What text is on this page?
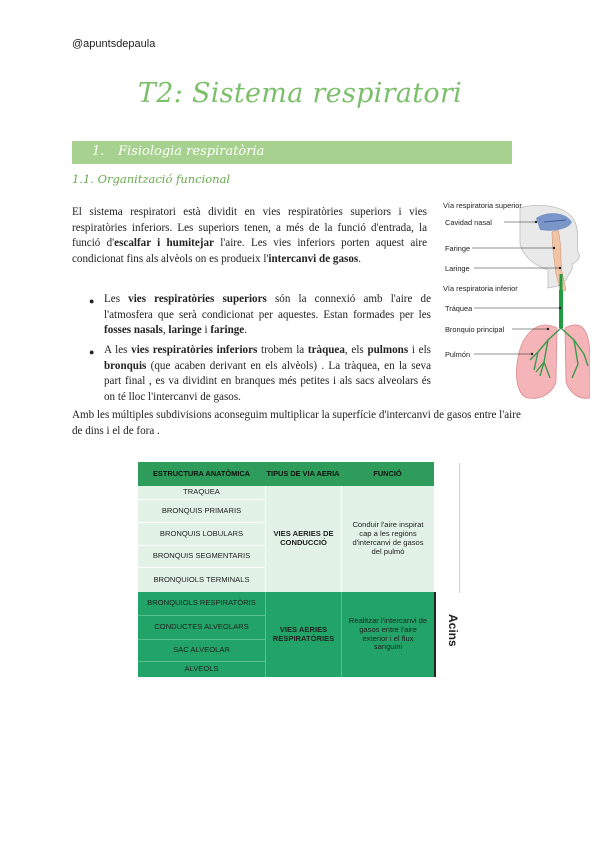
@apuntsdepaula
T2: Sistema respiratori
1. Fisiologia respiratòria
1.1. Organització funcional
El sistema respiratori està dividit en vies respiratòries superiors i vies respiratòries inferiors. Les superiors tenen, a més de la funció d'entrada, la funció d'escalfar i humitejar l'aire. Les vies inferiors porten aquest aire condicionat fins als alvèols on es produeix l'intercanvi de gasos.
● Les vies respiratòries superiors són la connexió amb l'aire de l'atmosfera que serà condicionat per aquestes. Estan formades per les fosses nasals, laringe i faringe.
● A les vies respiratòries inferiors trobem la tràquea, els pulmons i els bronquis (que acaben derivant en els alvèols) . La tràquea, en la seva part final , es va dividint en branques més petites i als sacs alveolars és on té lloc l'intercanvi de gasos.
Amb les múltiples subdivisions aconseguim multiplicar la superfície d'intercanvi de gasos entre l'aire de dins i el de fora .
Vía respiratoria superior
Cavidad nasal
Faringe
Laringe
Vía respiratoria inferior
Tráquea
Bronquio principal
Pulmón
ESTRUCTURA ANATÒMICA	TIPUS DE VIA AERIA	FUNCIÓ
TRAQUEA
BRONQUIS PRIMARIS
BRONQUIS LOBULARS
BRONQUIS SEGMENTARIS
BRONQUIOLS TERMINALS
VIES AERIES DE CONDUCCIÓ
Conduir l'aire inspirat cap a les regions d'intercanvi de gasos del pulmó
BRONQUIOLS RESPIRATÒRIS
CONDUCTES ALVEOLARS
SAC ALVEOLAR
ALVEOLS
VIES AERIES RESPIRATÒRIES
Realitzar l'intercanvi de gasos entre l'aire exterior i el flux sanguini
Acins
